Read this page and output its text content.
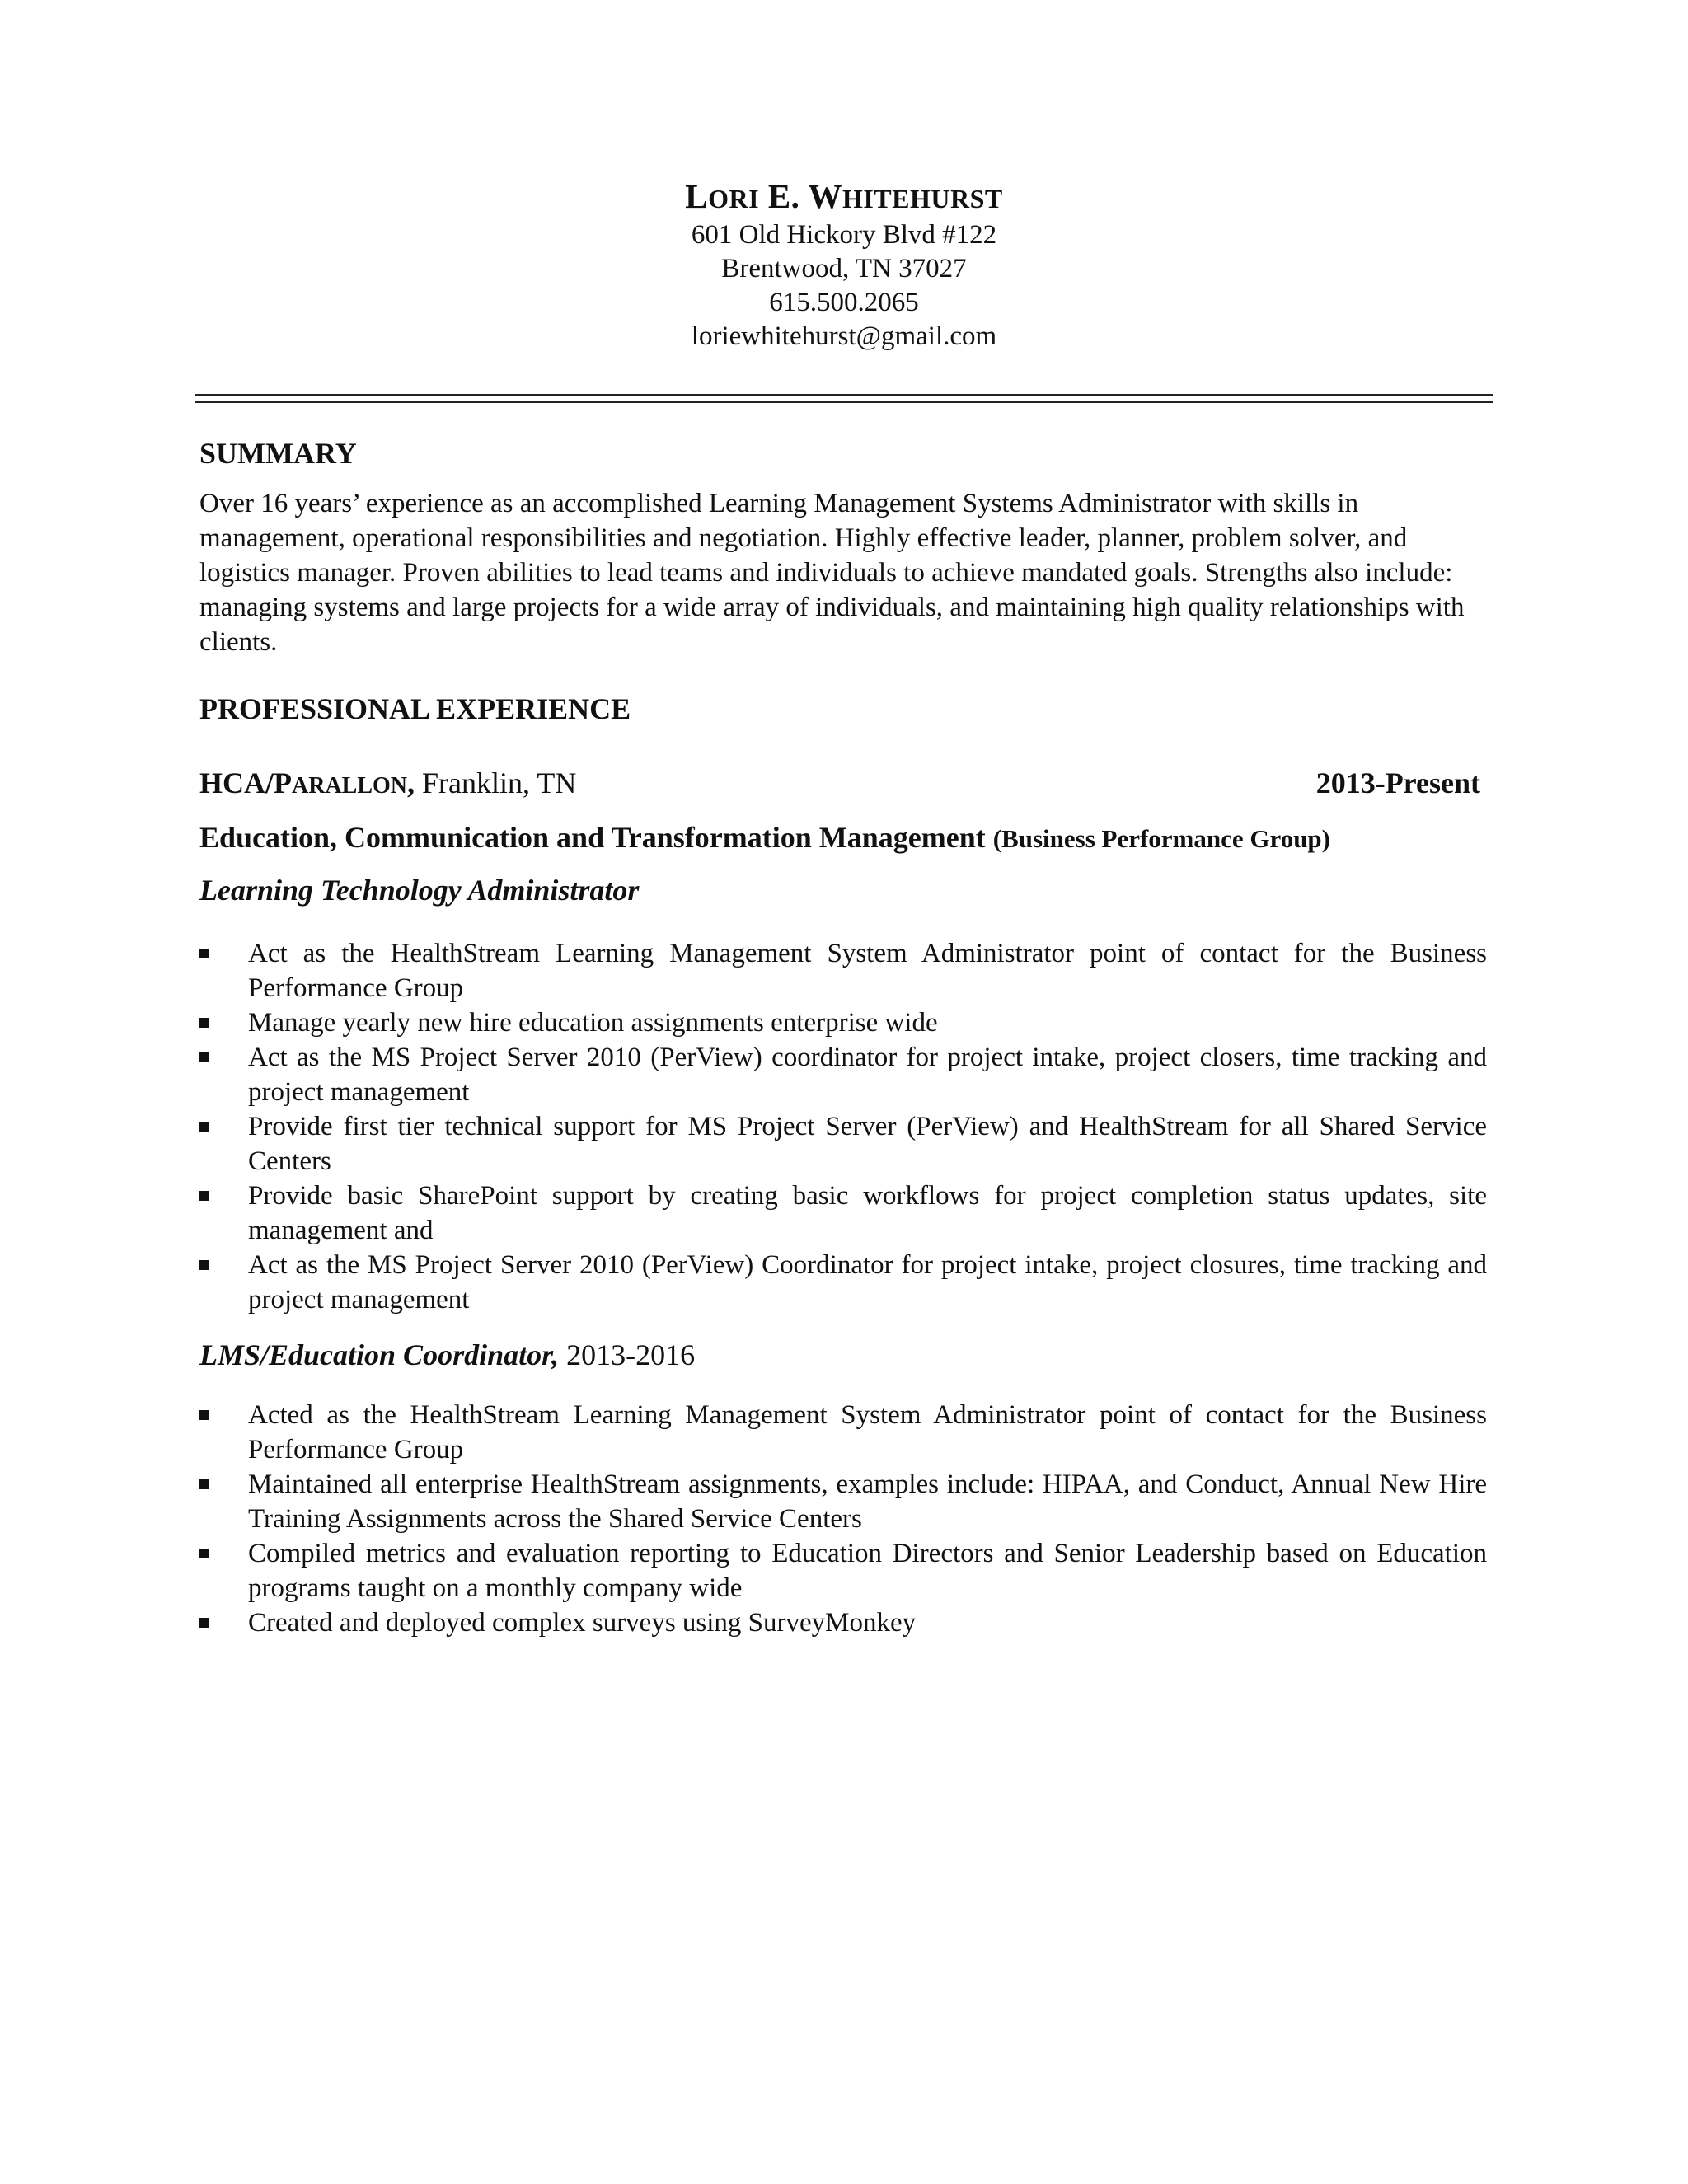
LORI E. WHITEHURST
601 Old Hickory Blvd #122
Brentwood, TN 37027
615.500.2065
loriewhitehurst@gmail.com
SUMMARY
Over 16 years’ experience as an accomplished Learning Management Systems Administrator with skills in management, operational responsibilities and negotiation. Highly effective leader, planner, problem solver, and logistics manager. Proven abilities to lead teams and individuals to achieve mandated goals. Strengths also include: managing systems and large projects for a wide array of individuals, and maintaining high quality relationships with clients.
PROFESSIONAL EXPERIENCE
HCA/PARALLON, Franklin, TN	2013-Present
Education, Communication and Transformation Management (Business Performance Group)
Learning Technology Administrator
Act as the HealthStream Learning Management System Administrator point of contact for the Business Performance Group
Manage yearly new hire education assignments enterprise wide
Act as the MS Project Server 2010 (PerView) coordinator for project intake, project closers, time tracking and project management
Provide first tier technical support for MS Project Server (PerView) and HealthStream for all Shared Service Centers
Provide basic SharePoint support by creating basic workflows for project completion status updates, site management and
Act as the MS Project Server 2010 (PerView) Coordinator for project intake, project closures, time tracking and project management
LMS/Education Coordinator, 2013-2016
Acted as the HealthStream Learning Management System Administrator point of contact for the Business Performance Group
Maintained all enterprise HealthStream assignments, examples include: HIPAA, and Conduct, Annual New Hire Training Assignments across the Shared Service Centers
Compiled metrics and evaluation reporting to Education Directors and Senior Leadership based on Education programs taught on a monthly company wide
Created and deployed complex surveys using SurveyMonkey
